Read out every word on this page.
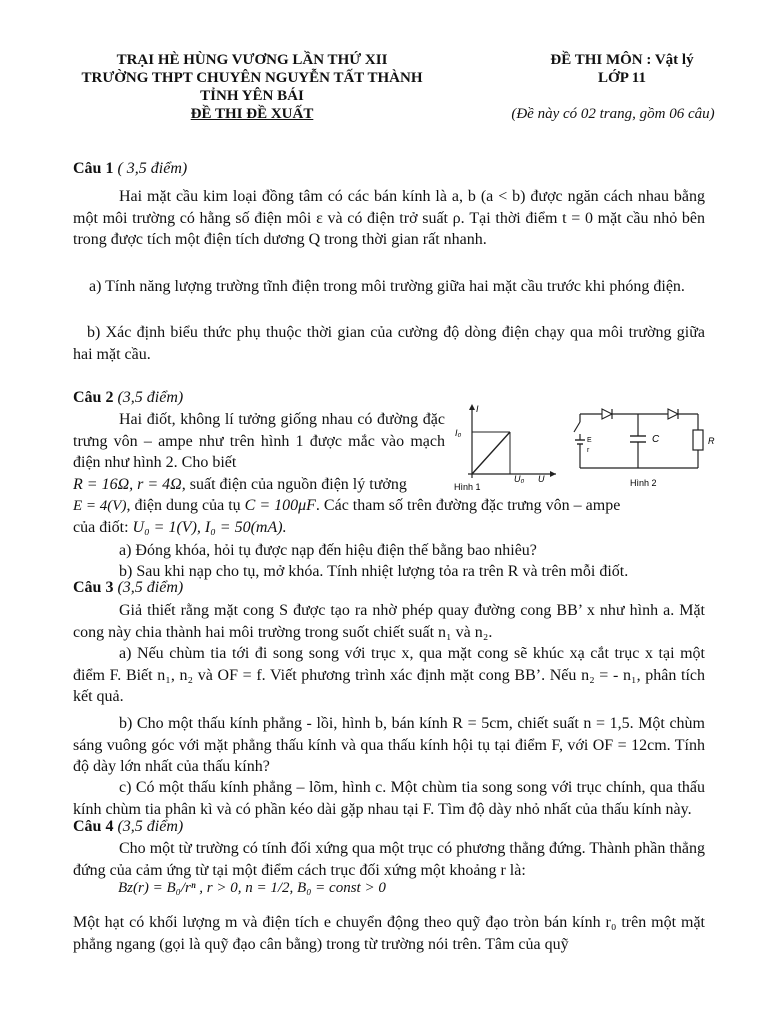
TRẠI HÈ HÙNG VƯƠNG LẦN THỨ XII
TRƯỜNG THPT CHUYÊN NGUYỄN TẤT THÀNH
TỈNH YÊN BÁI
ĐỀ THI ĐỀ XUẤT
ĐỀ THI MÔN : Vật lý
LỚP 11
(Đề này có 02 trang, gồm 06 câu)
Câu 1 ( 3,5 điểm)
Hai mặt cầu kim loại đồng tâm có các bán kính là a, b (a < b) được ngăn cách nhau bằng một môi trường có hằng số điện môi ε và có điện trở suất ρ. Tại thời điểm t = 0 mặt cầu nhỏ bên trong được tích một điện tích dương Q trong thời gian rất nhanh.
a) Tính năng lượng trường tĩnh điện trong môi trường giữa hai mặt cầu trước khi phóng điện.
b) Xác định biểu thức phụ thuộc thời gian của cường độ dòng điện chạy qua môi trường giữa hai mặt cầu.
Câu 2 (3,5 điểm)
Hai điốt, không lí tưởng giống nhau có đường đặc trưng vôn – ampe như trên hình 1 được mắc vào mạch điện như hình 2. Cho biết
I
I₀
U₀ U
Hình 1
E
r
C	R
Hình 2
E = 4(V), điện dung của tụ C = 100μF. Các tham số trên đường đặc trưng vôn – ampe
R = 16Ω, r = 4Ω, suất điện của nguồn điện lý tưởng
của điốt: U₀ = 1(V), I₀ = 50(mA).
a) Đóng khóa, hỏi tụ được nạp đến hiệu điện thế bằng bao nhiêu?
b) Sau khi nạp cho tụ, mở khóa. Tính nhiệt lượng tỏa ra trên R và trên mỗi điốt.
Câu 3 (3,5 điểm)
Giả thiết rằng mặt cong S được tạo ra nhờ phép quay đường cong BB’ x như hình a. Mặt cong này chia thành hai môi trường trong suốt chiết suất n₁ và n₂.
a) Nếu chùm tia tới đi song song với trục x, qua mặt cong sẽ khúc xạ cắt trục x tại một điểm F. Biết n₁, n₂ và OF = f. Viết phương trình xác định mặt cong BB’. Nếu n₂ = - n₁, phân tích kết quả.
b) Cho một thấu kính phẳng - lồi, hình b, bán kính R = 5cm, chiết suất n = 1,5. Một chùm sáng vuông góc với mặt phẳng thấu kính và qua thấu kính hội tụ tại điểm F, với OF = 12cm. Tính độ dày lớn nhất của thấu kính?
c) Có một thấu kính phẳng – lõm, hình c. Một chùm tia song song với trục chính, qua thấu kính chùm tia phân kì và có phần kéo dài gặp nhau tại F. Tìm độ dày nhỏ nhất của thấu kính này.
Câu 4 (3,5 điểm)
Cho một từ trường có tính đối xứng qua một trục có phương thẳng đứng. Thành phần thẳng đứng của cảm ứng từ tại một điểm cách trục đối xứng một khoảng r là:
Bz(r) = B₀/rⁿ , r > 0, n = 1/2, B₀ = const > 0
Một hạt có khối lượng m và điện tích e chuyển động theo quỹ đạo tròn bán kính r₀ trên một mặt phẳng ngang (gọi là quỹ đạo cân bằng) trong từ trường nói trên. Tâm của quỹ
